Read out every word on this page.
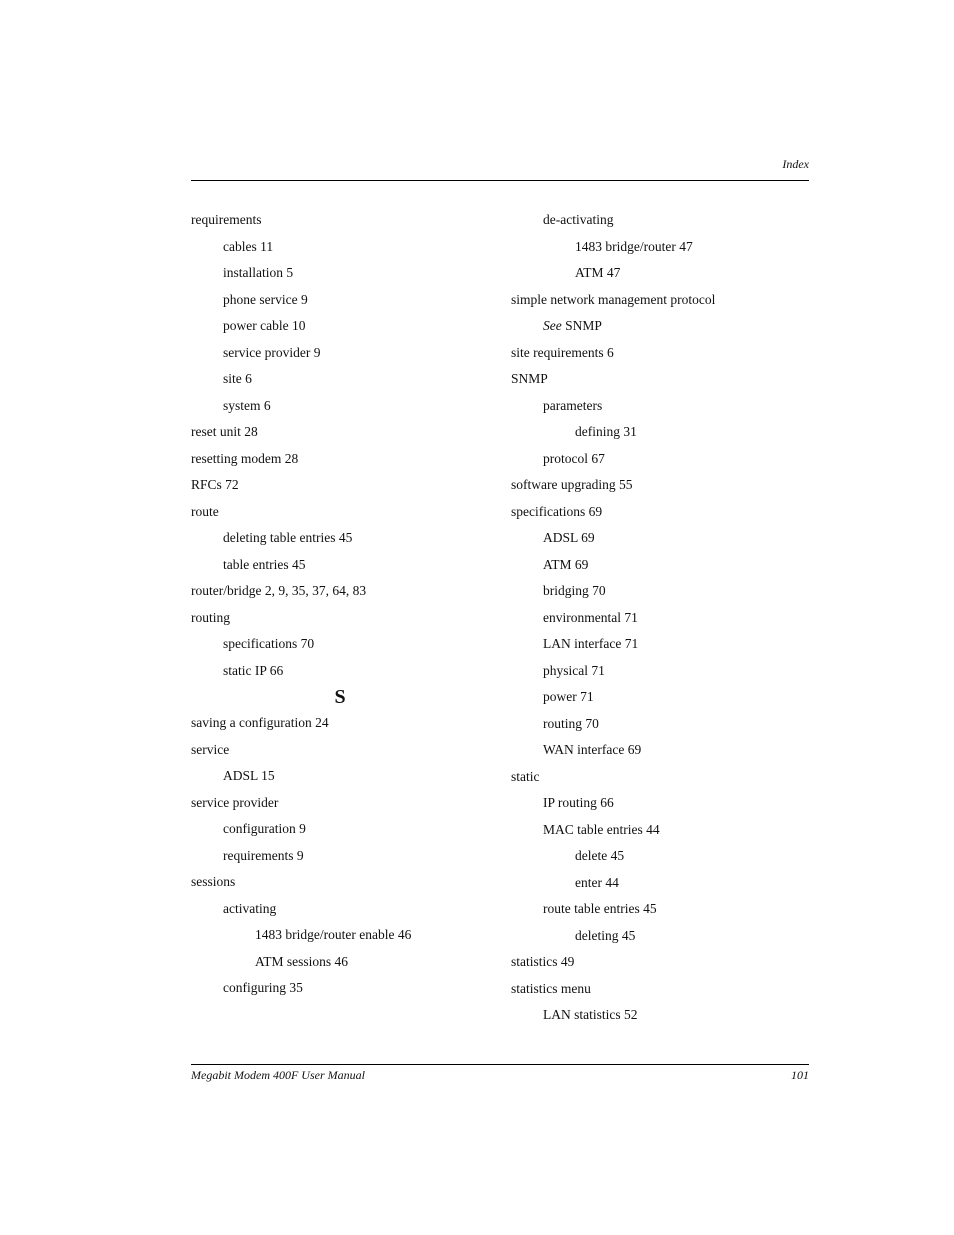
Index
requirements
cables 11
installation 5
phone service 9
power cable 10
service provider 9
site 6
system 6
reset unit 28
resetting modem 28
RFCs 72
route
deleting table entries 45
table entries 45
router/bridge 2, 9, 35, 37, 64, 83
routing
specifications 70
static IP 66
S
saving a configuration 24
service
ADSL 15
service provider
configuration 9
requirements 9
sessions
activating
1483 bridge/router enable 46
ATM sessions 46
configuring 35
de-activating
1483 bridge/router 47
ATM 47
simple network management protocol
See SNMP
site requirements 6
SNMP
parameters
defining 31
protocol 67
software upgrading 55
specifications 69
ADSL 69
ATM 69
bridging 70
environmental 71
LAN interface 71
physical 71
power 71
routing 70
WAN interface 69
static
IP routing 66
MAC table entries 44
delete 45
enter 44
route table entries 45
deleting 45
statistics 49
statistics menu
LAN statistics 52
Megabit Modem 400F User Manual	101
